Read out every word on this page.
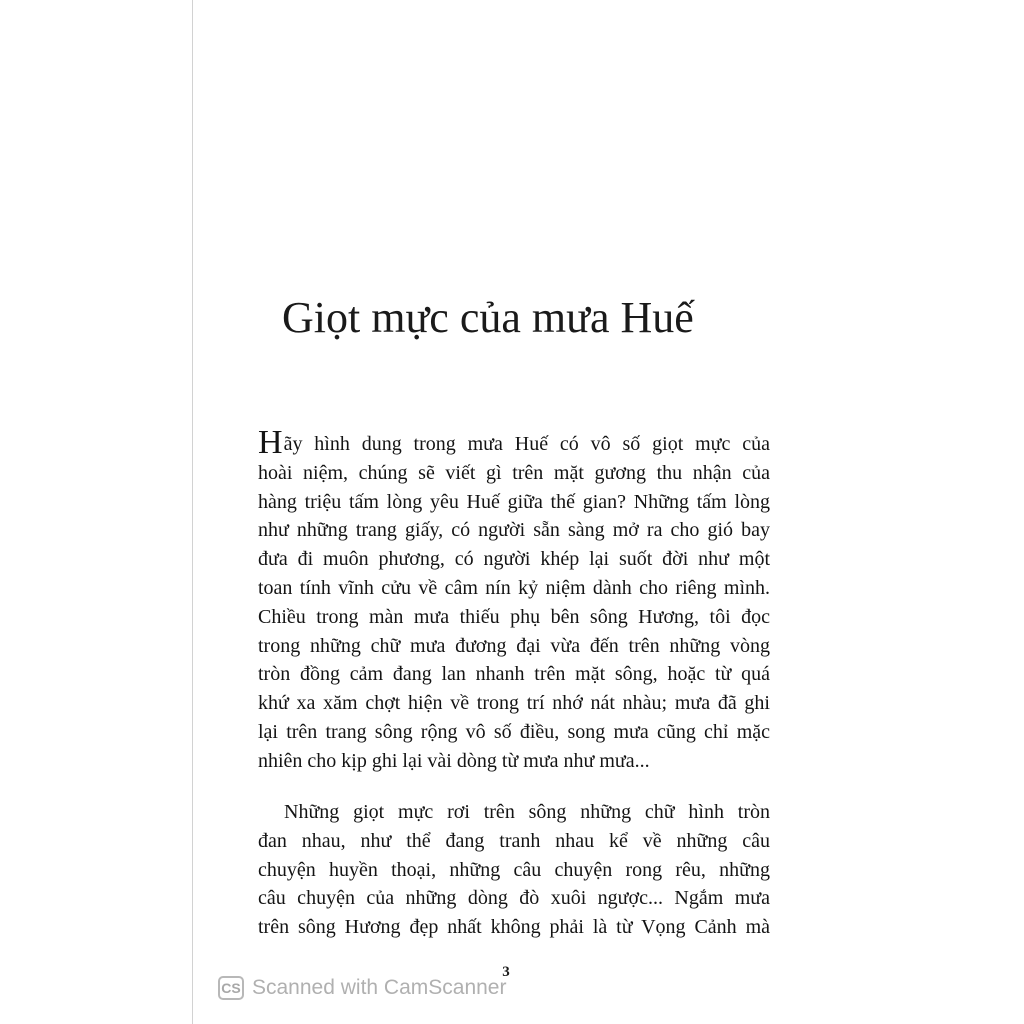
Giọt mực của mưa Huế
Hãy hình dung trong mưa Huế có vô số giọt mực của
hoài niệm, chúng sẽ viết gì trên mặt gương thu nhận của
hàng triệu tấm lòng yêu Huế giữa thế gian? Những tấm lòng
như những trang giấy, có người sẵn sàng mở ra cho gió bay
đưa đi muôn phương, có người khép lại suốt đời như một
toan tính vĩnh cửu về câm nín kỷ niệm dành cho riêng mình.
Chiều trong màn mưa thiếu phụ bên sông Hương, tôi đọc
trong những chữ mưa đương đại vừa đến trên những vòng
tròn đồng cảm đang lan nhanh trên mặt sông, hoặc từ quá
khứ xa xăm chợt hiện về trong trí nhớ nát nhàu; mưa đã ghi
lại trên trang sông rộng vô số điều, song mưa cũng chỉ mặc
nhiên cho kịp ghi lại vài dòng từ mưa như mưa...
Những giọt mực rơi trên sông những chữ hình tròn
đan nhau, như thể đang tranh nhau kể về những câu
chuyện huyền thoại, những câu chuyện rong rêu, những
câu chuyện của những dòng đò xuôi ngược... Ngắm mưa
trên sông Hương đẹp nhất không phải là từ Vọng Cảnh mà
3
CS Scanned with CamScanner
